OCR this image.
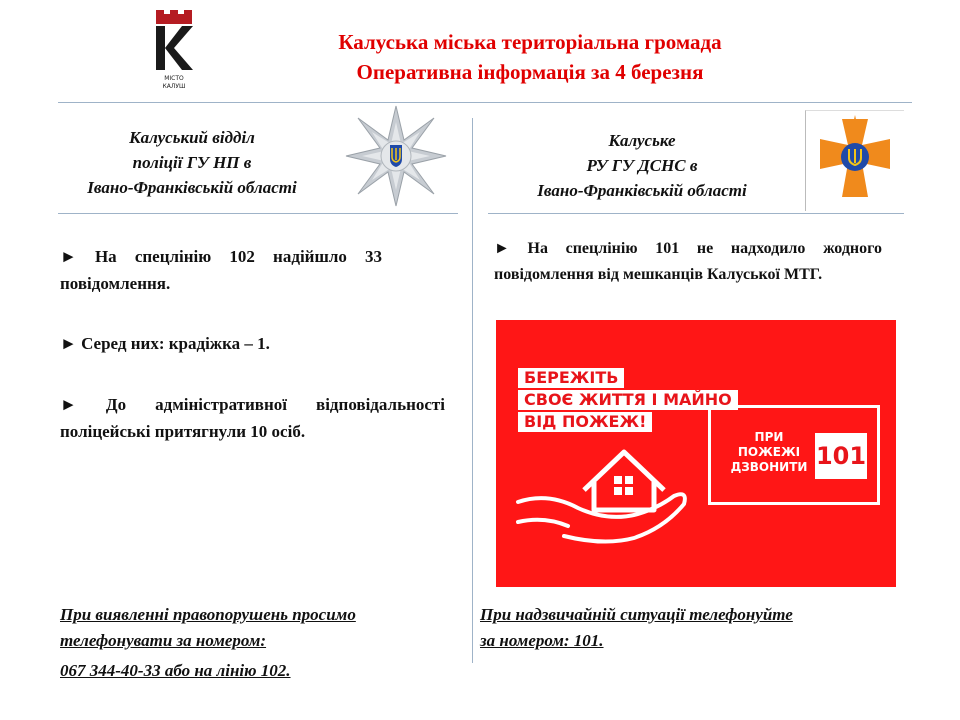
МІСТО
КАЛУШ
Калуська міська територіальна громада
Оперативна інформація за 4 березня
Калуський відділ
поліції ГУ НП в
Івано-Франківській області
► На спецлінію 102 надійшло 33 повідомлення.
► Серед них: крадіжка – 1.
► До адміністративної відповідальності поліцейські притягнули 10 осіб.
При виявленні правопорушень просимо
телефонувати за номером:
067 344-40-33 або на лінію 102.
Калуське
РУ ГУ ДСНС в
Івано-Франківській області
► На спецлінію 101 не надходило жодного повідомлення від мешканців Калуської МТГ.
БЕРЕЖІТЬ
СВОЄ ЖИТТЯ І МАЙНО
ВІД ПОЖЕЖ!
ПРИ
ПОЖЕЖІ
ДЗВОНИТИ 101
При надзвичайній ситуації телефонуйте
за номером: 101.
